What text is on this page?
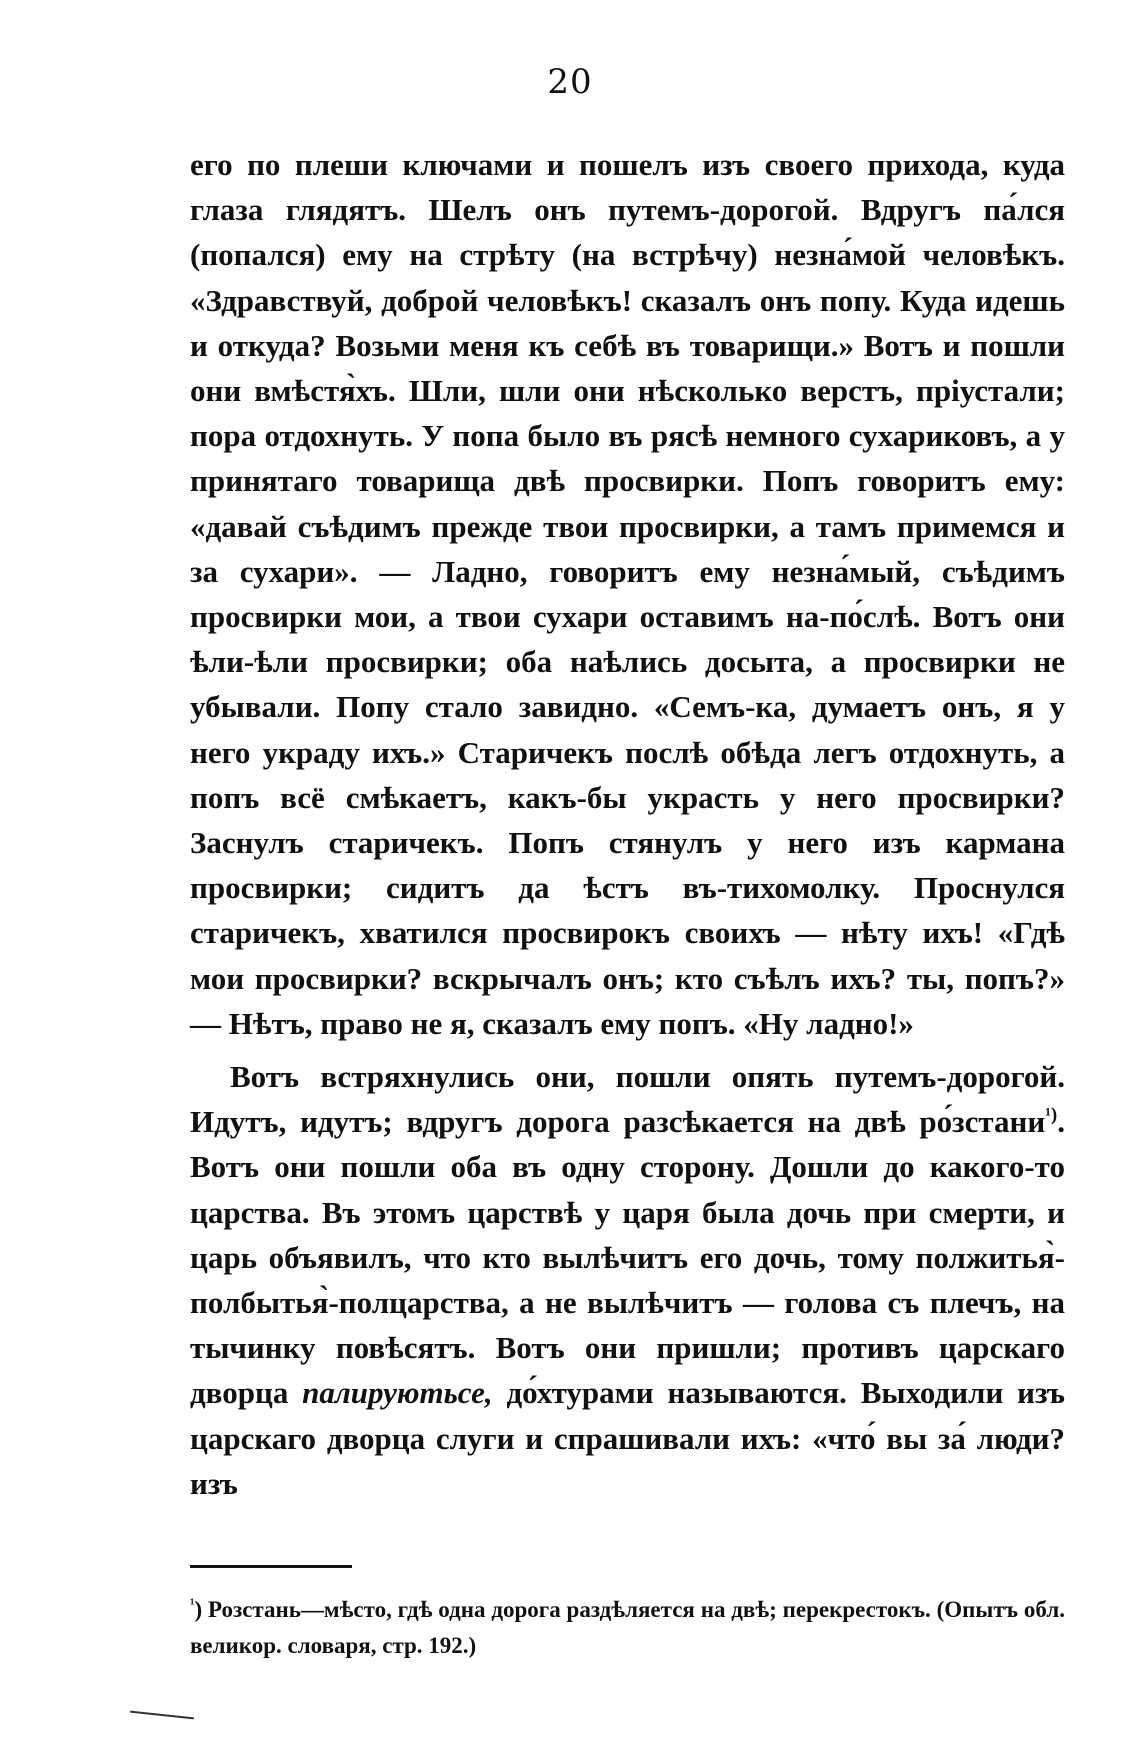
20

его по плеши ключами и пошелъ изъ своего прихода, куда глаза глядятъ. Шелъ онъ путемъ-дорогой. Вдругъ па́лся (попался) ему на стрѣту (на встрѣчу) незна́мой человѣкъ. «Здравствуй, доброй человѣкъ! сказалъ онъ попу. Куда идешь и откуда? Возьми меня къ себѣ въ товарищи.» Вотъ и пошли они вмѣстя̀хъ. Шли, шли они нѣсколько верстъ, пріустали; пора отдохнуть. У попа было въ рясѣ немного сухариковъ, а у принятаго товарища двѣ просвирки. Попъ говоритъ ему: «давай съѣдимъ прежде твои просвирки, а тамъ примемся и за сухари». — Ладно, говоритъ ему незна́мый, съѣдимъ просвирки мои, а твои сухари оставимъ на-по́слѣ. Вотъ они ѣли-ѣли просвирки; оба наѣлись досыта, а просвирки не убывали. Попу стало завидно. «Семъ-ка, думаетъ онъ, я у него украду ихъ.» Старичекъ послѣ обѣда легъ отдохнуть, а попъ всё смѣкаетъ, какъ-бы украсть у него просвирки? Заснулъ старичекъ. Попъ стянулъ у него изъ кармана просвирки; сидитъ да ѣстъ въ-тихомолку. Проснулся старичекъ, хватился просвирокъ своихъ — нѣту ихъ! «Гдѣ мои просвирки? вскрычалъ онъ; кто съѣлъ ихъ? ты, попъ?» — Нѣтъ, право не я, сказалъ ему попъ. «Ну ладно!»

Вотъ встряхнулись они, пошли опять путемъ-дорогой. Идутъ, идутъ; вдругъ дорога разсѣкается на двѣ ро́зстани$^{^1)}$. Вотъ они пошли оба въ одну сторону. Дошли до какого-то царства. Въ этомъ царствѣ у царя была дочь при смерти, и царь объявилъ, что кто вылѣчитъ его дочь, тому полжитья̀-полбытья̀-полцарства, а не вылѣчитъ — голова съ плечъ, на тычинку повѣсятъ. Вотъ они пришли; противъ царскаго дворца палируютьсе, до́хтурами называются. Выходили изъ царскаго дворца слуги и спрашивали ихъ: «что́ вы за́ люди? изъ

$^{^1}$) Розстань—мѣсто, гдѣ одна дорога раздѣляется на двѣ; перекрестокъ. (Опытъ обл. великор. словаря, стр. 192.)
